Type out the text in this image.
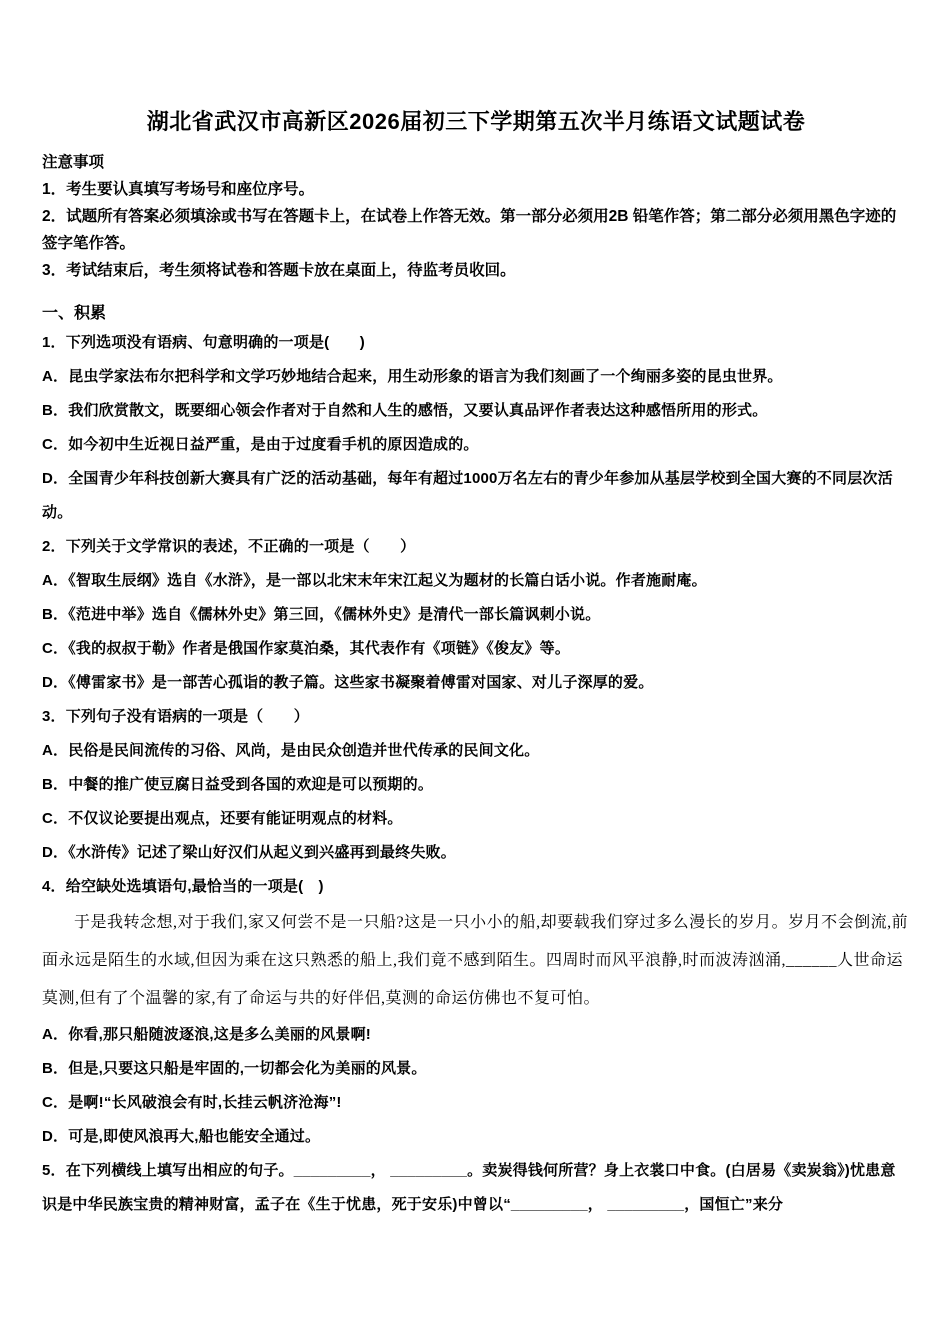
湖北省武汉市高新区2026届初三下学期第五次半月练语文试题试卷
注意事项
1．考生要认真填写考场号和座位序号。
2．试题所有答案必须填涂或书写在答题卡上，在试卷上作答无效。第一部分必须用2B 铅笔作答；第二部分必须用黑色字迹的签字笔作答。
3．考试结束后，考生须将试卷和答题卡放在桌面上，待监考员收回。
一、积累
1．下列选项没有语病、句意明确的一项是(　　)
A．昆虫学家法布尔把科学和文学巧妙地结合起来，用生动形象的语言为我们刻画了一个绚丽多姿的昆虫世界。
B．我们欣赏散文，既要细心领会作者对于自然和人生的感悟，又要认真品评作者表达这种感悟所用的形式。
C．如今初中生近视日益严重，是由于过度看手机的原因造成的。
D．全国青少年科技创新大赛具有广泛的活动基础，每年有超过1000万名左右的青少年参加从基层学校到全国大赛的不同层次活动。
2．下列关于文学常识的表述，不正确的一项是（　　）
A．《智取生辰纲》选自《水浒》，是一部以北宋末年宋江起义为题材的长篇白话小说。作者施耐庵。
B．《范进中举》选自《儒林外史》第三回，《儒林外史》是清代一部长篇讽刺小说。
C．《我的叔叔于勒》作者是俄国作家莫泊桑，其代表作有《项链》《俊友》等。
D．《傅雷家书》是一部苦心孤诣的教子篇。这些家书凝聚着傅雷对国家、对儿子深厚的爱。
3．下列句子没有语病的一项是（　　）
A．民俗是民间流传的习俗、风尚，是由民众创造并世代传承的民间文化。
B．中餐的推广使豆腐日益受到各国的欢迎是可以预期的。
C．不仅议论要提出观点，还要有能证明观点的材料。
D．《水浒传》记述了梁山好汉们从起义到兴盛再到最终失败。
4．给空缺处选填语句,最恰当的一项是(　)
于是我转念想,对于我们,家又何尝不是一只船?这是一只小小的船,却要载我们穿过多么漫长的岁月。岁月不会倒流,前面永远是陌生的水域,但因为乘在这只熟悉的船上,我们竟不感到陌生。四周时而风平浪静,时而波涛汹涌,______人世命运莫测,但有了个温馨的家,有了命运与共的好伴侣,莫测的命运仿佛也不复可怕。
A．你看,那只船随波逐浪,这是多么美丽的风景啊!
B．但是,只要这只船是牢固的,一切都会化为美丽的风景。
C．是啊!“长风破浪会有时,长挂云帆济沧海”!
D．可是,即使风浪再大,船也能安全通过。
5．在下列横线上填写出相应的句子。_________， _________。卖炭得钱何所营？身上衣裳口中食。(白居易《卖炭翁》)忧患意识是中华民族宝贵的精神财富，孟子在《生于忧患，死于安乐)中曾以“_________， _________，国恒亡”来分
